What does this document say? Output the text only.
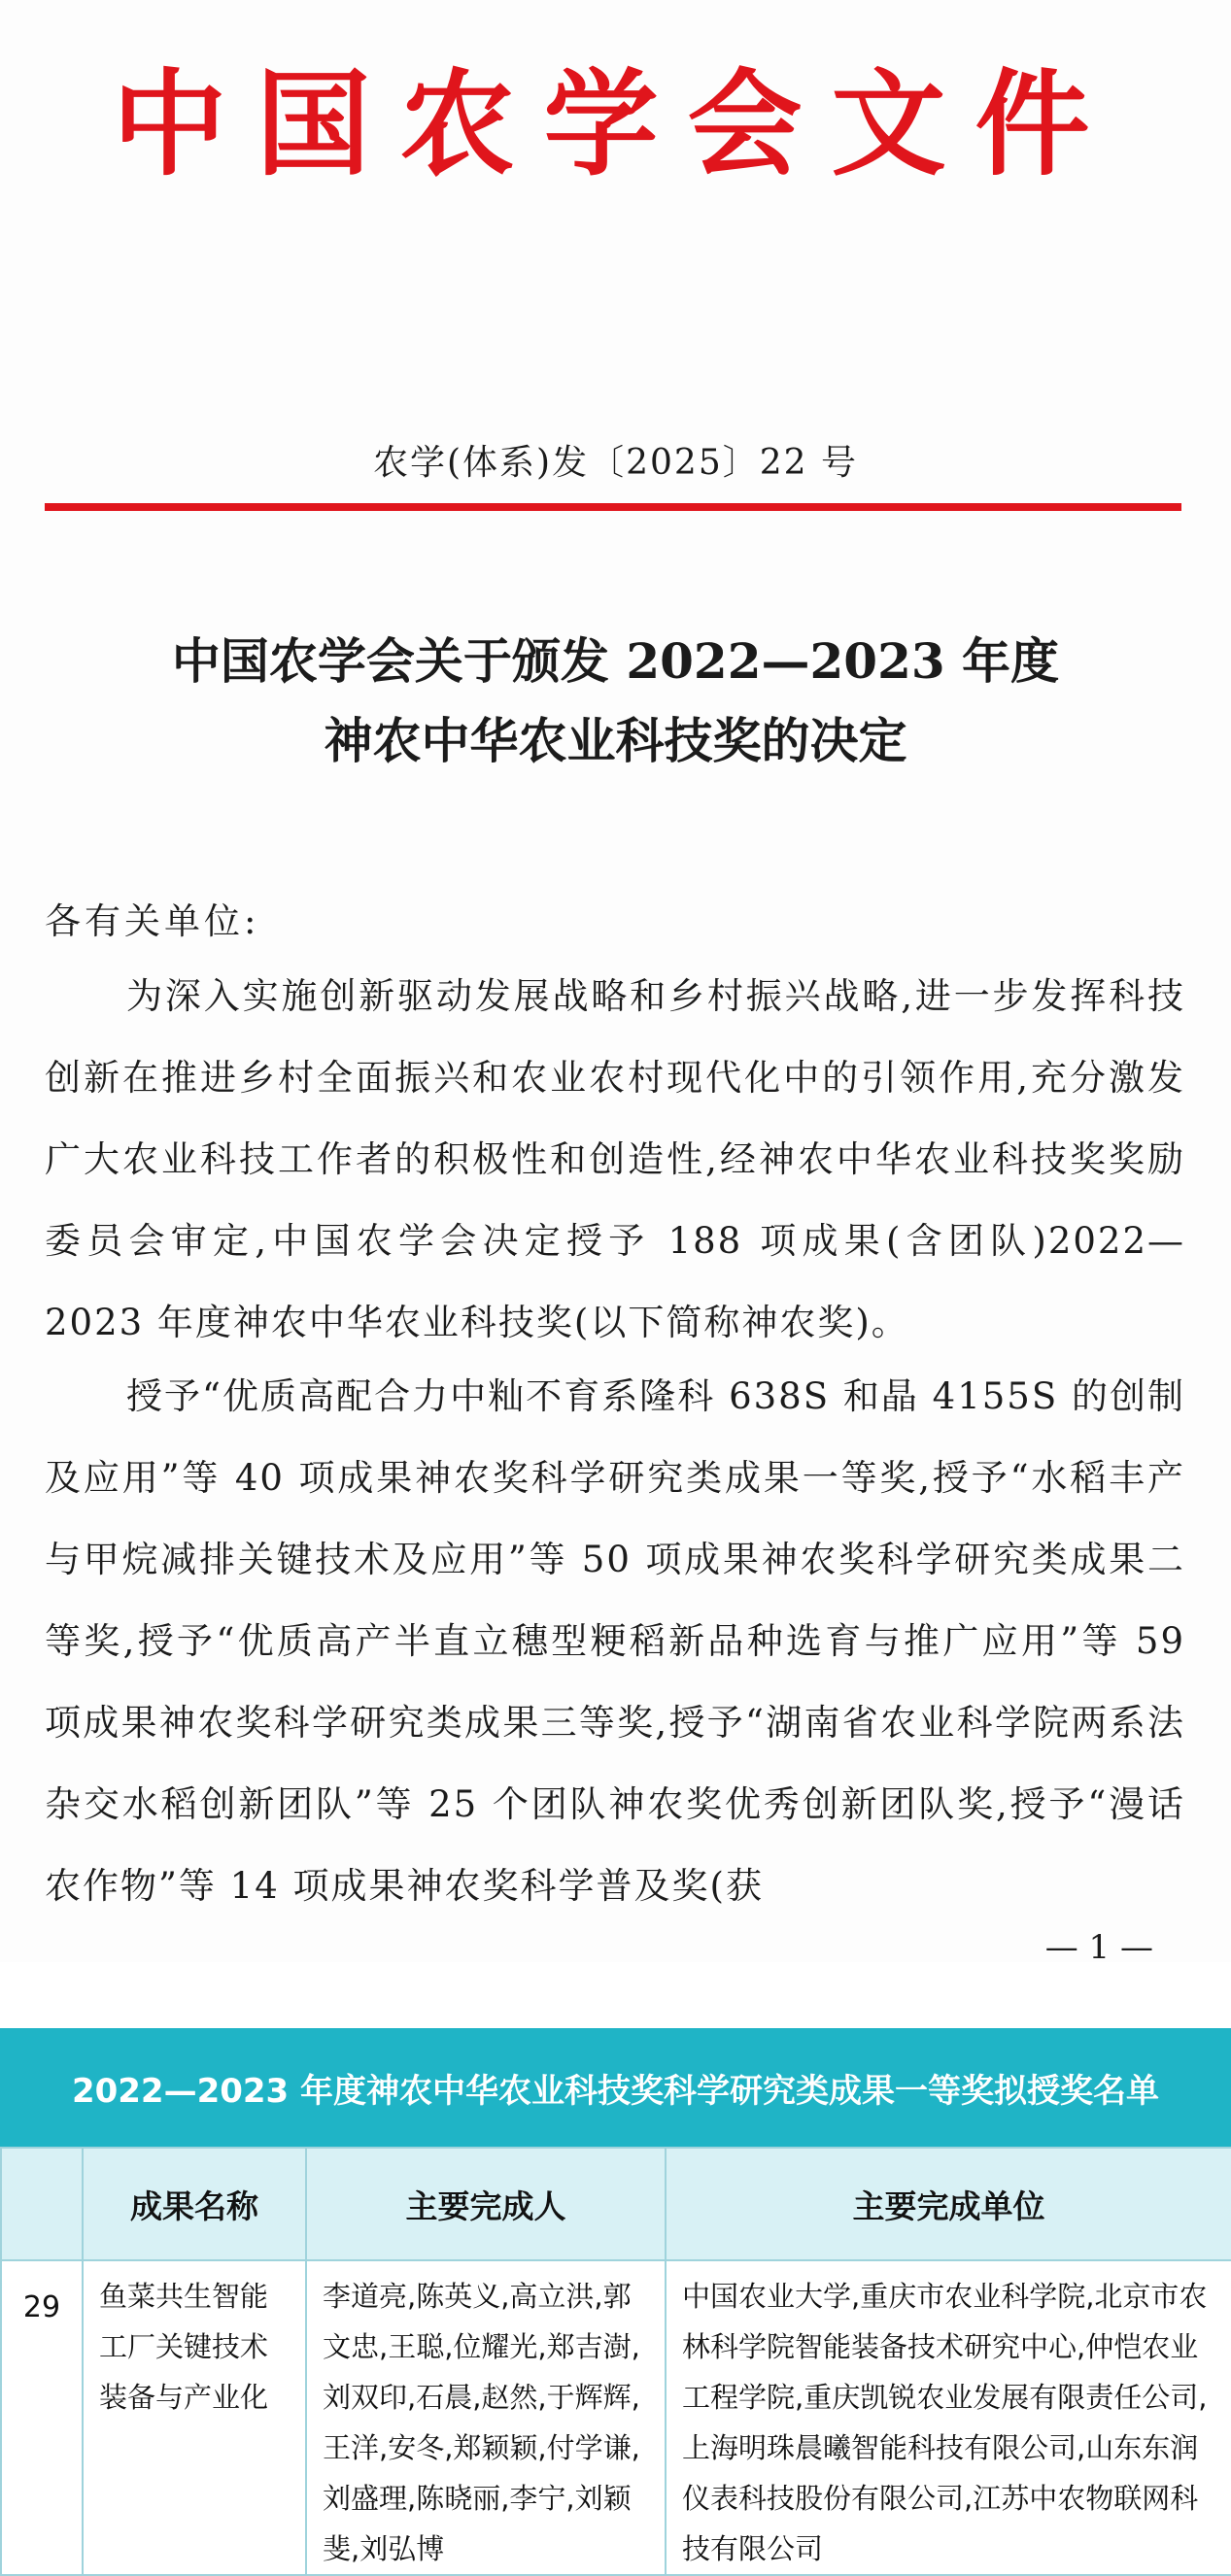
中国农学会文件
农学(体系)发〔2025〕22 号
中国农学会关于颁发 2022—2023 年度
神农中华农业科技奖的决定
各有关单位:

为深入实施创新驱动发展战略和乡村振兴战略,进一步发挥科技创新在推进乡村全面振兴和农业农村现代化中的引领作用,充分激发广大农业科技工作者的积极性和创造性,经神农中华农业科技奖奖励委员会审定,中国农学会决定授予 188 项成果(含团队)2022—2023 年度神农中华农业科技奖(以下简称神农奖)。

授予“优质高配合力中籼不育系隆科 638S 和晶 4155S 的创制及应用”等 40 项成果神农奖科学研究类成果一等奖,授予“水稻丰产与甲烷减排关键技术及应用”等 50 项成果神农奖科学研究类成果二等奖,授予“优质高产半直立穗型粳稻新品种选育与推广应用”等 59 项成果神农奖科学研究类成果三等奖,授予“湖南省农业科学院两系法杂交水稻创新团队”等 25 个团队神农奖优秀创新团队奖,授予“漫话农作物”等 14 项成果神农奖科学普及奖(获

— 1 —
2022—2023 年度神农中华农业科技奖科学研究类成果一等奖拟授奖名单
	成果名称	主要完成人	主要完成单位
29	鱼菜共生智能工厂关键技术装备与产业化	李道亮,陈英义,高立洪,郭文忠,王聪,位耀光,郑吉澍,刘双印,石晨,赵然,于辉辉,王洋,安冬,郑颖颖,付学谦,刘盛理,陈晓丽,李宁,刘颖斐,刘弘博	中国农业大学,重庆市农业科学院,北京市农林科学院智能装备技术研究中心,仲恺农业工程学院,重庆凯锐农业发展有限责任公司,上海明珠晨曦智能科技有限公司,山东东润仪表科技股份有限公司,江苏中农物联网科技有限公司
